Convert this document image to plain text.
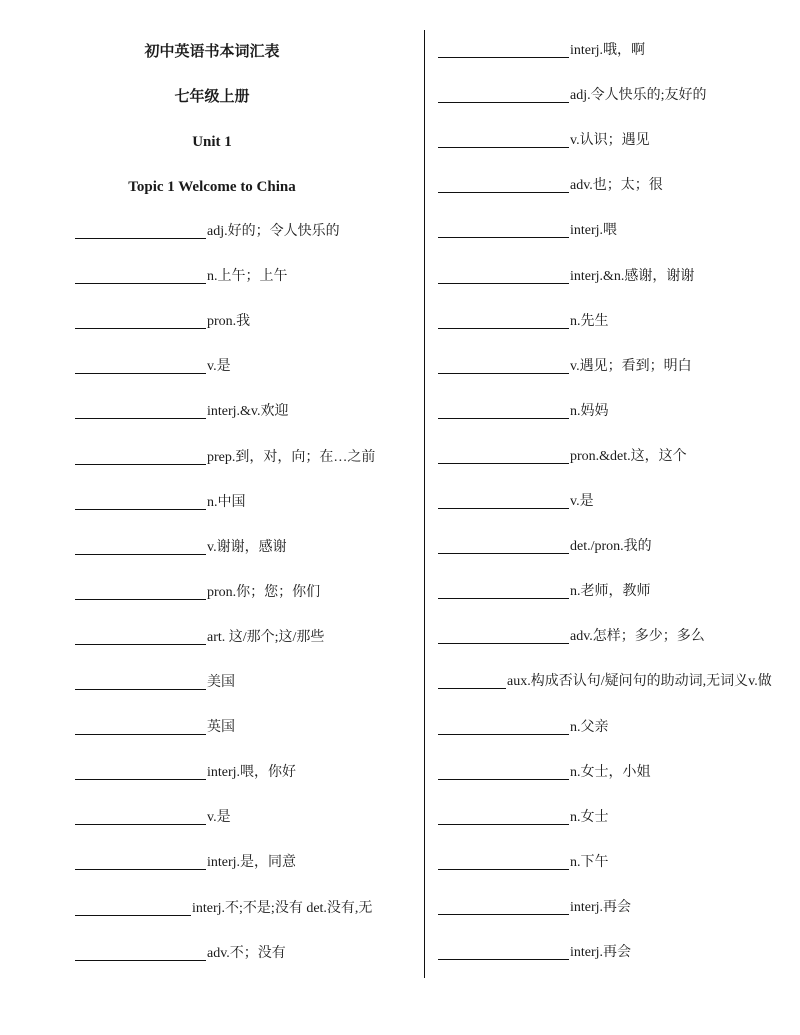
初中英语书本词汇表
七年级上册
Unit 1
Topic 1 Welcome to China
adj.好的；令人快乐的
n.上午；上午
pron.我
v.是
interj.&v.欢迎
prep.到，对，向；在…之前
n.中国
v.谢谢，感谢
pron.你；您；你们
art. 这/那个;这/那些
美国
英国
interj.喂，你好
v.是
interj.是，同意
interj.不;不是;没有 det.没有,无
adv.不；没有
interj.哦，啊
adj.令人快乐的;友好的
v.认识；遇见
adv.也；太；很
interj.喂
interj.&n.感谢，谢谢
n.先生
v.遇见；看到；明白
n.妈妈
pron.&det.这，这个
v.是
det./pron.我的
n.老师，教师
adv.怎样；多少；多么
aux.构成否认句/疑问句的助动词,无词义v.做
n.父亲
n.女士，小姐
n.女士
n.下午
interj.再会
interj.再会
